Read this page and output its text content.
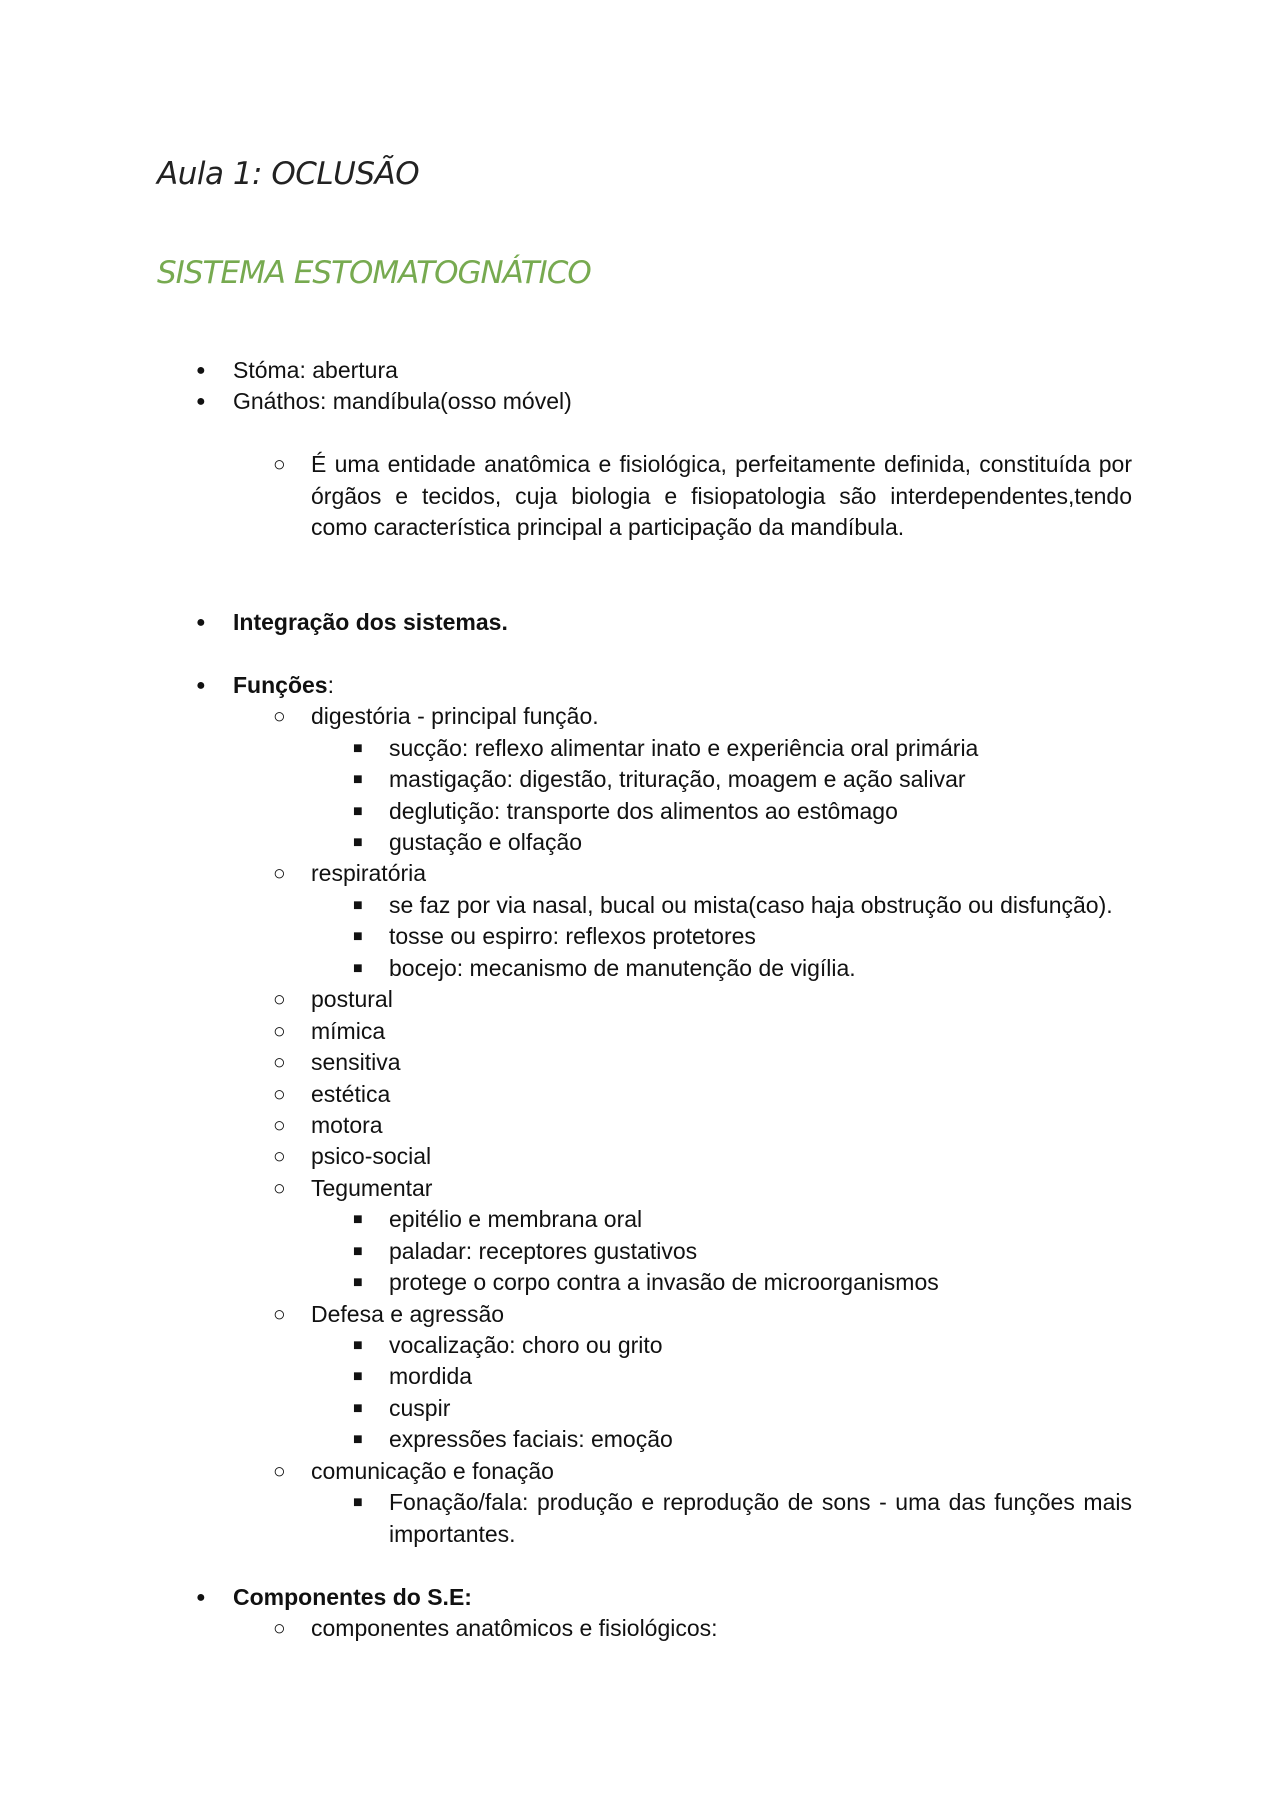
Aula 1: OCLUSÃO
SISTEMA ESTOMATOGNÁTICO
● Stóma: abertura
● Gnáthos: mandíbula(osso móvel)
○ É uma entidade anatômica e fisiológica, perfeitamente definida, constituída por órgãos e tecidos, cuja biologia e fisiopatologia são interdependentes,tendo como característica principal a participação da mandíbula.
● Integração dos sistemas.
● Funções:
○ digestória - principal função.
■ sucção: reflexo alimentar inato e experiência oral primária
■ mastigação: digestão, trituração, moagem e ação salivar
■ deglutição: transporte dos alimentos ao estômago
■ gustação e olfação
○ respiratória
■ se faz por via nasal, bucal ou mista(caso haja obstrução ou disfunção).
■ tosse ou espirro: reflexos protetores
■ bocejo: mecanismo de manutenção de vigília.
○ postural
○ mímica
○ sensitiva
○ estética
○ motora
○ psico-social
○ Tegumentar
■ epitélio e membrana oral
■ paladar: receptores gustativos
■ protege o corpo contra a invasão de microorganismos
○ Defesa e agressão
■ vocalização: choro ou grito
■ mordida
■ cuspir
■ expressões faciais: emoção
○ comunicação e fonação
■ Fonação/fala: produção e reprodução de sons - uma das funções mais importantes.
● Componentes do S.E:
○ componentes anatômicos e fisiológicos:
